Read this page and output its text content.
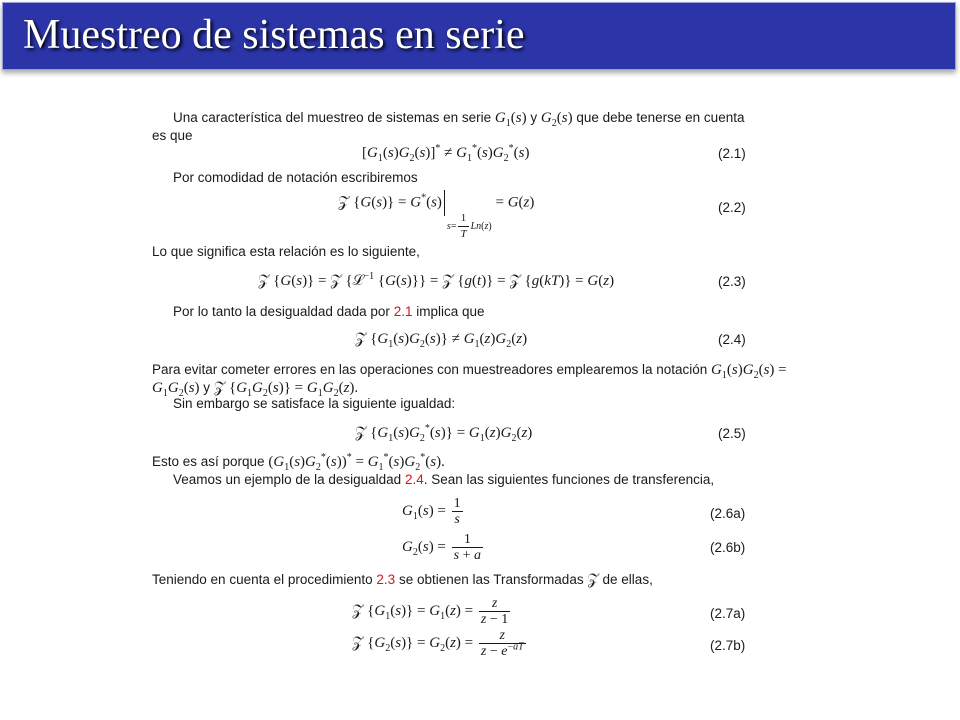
Muestreo de sistemas en serie
Una característica del muestreo de sistemas en serie $G_1(s)$ y $G_2(s)$ que debe tenerse en cuenta
es que
$[G_1(s)G_2(s)]^* \ne G_1^*(s)G_2^*(s)$	(2.1)
Por comodidad de notación escribiremos
𝒵 $\{G(s)\} = G^*(s)s= \frac{1}{T} Ln(z) = G(z)$	(2.2)
Lo que significa esta relación es lo siguiente,
𝒵 {G(s)} = 𝒵 {ℒ$^{-1}$ {G(s)}} = 𝒵 {g(t)} = 𝒵 {g(kT)} = G(z)	(2.3)
Por lo tanto la desigualdad dada por 2.1 implica que
𝒵 $\{G_1(s)G_2(s)\} \ne G_1(z)G_2(z)$	(2.4)
Para evitar cometer errores en las operaciones con muestreadores emplearemos la notación $G_1(s)G_2(s)$ =
$G_1G_2(s)$ y 𝒵 $\{G_1G_2(s)\} = G_1G_2(z)$.
Sin embargo se satisface la siguiente igualdad:
𝒵 $\{G_1(s)G_2^*(s)\} = G_1(z)G_2(z)$	(2.5)
Esto es así porque $(G_1(s)G_2^*(s))^* = G_1^*(s)G_2^*(s)$.
Veamos un ejemplo de la desigualdad 2.4. Sean las siguientes funciones de transferencia,
$G_1(s) = \frac{1}{s}$	(2.6a)
$G_2(s) = \frac{1}{s + a}$	(2.6b)
Teniendo en cuenta el procedimiento 2.3 se obtienen las Transformadas 𝒵 de ellas,
𝒵 $\{G_1(s)\} = G_1(z) = \frac{z}{z - 1}$	(2.7a)
𝒵 $\{G_2(s)\} = G_2(z) = \frac{z}{z - e^{-aT}}$	(2.7b)
